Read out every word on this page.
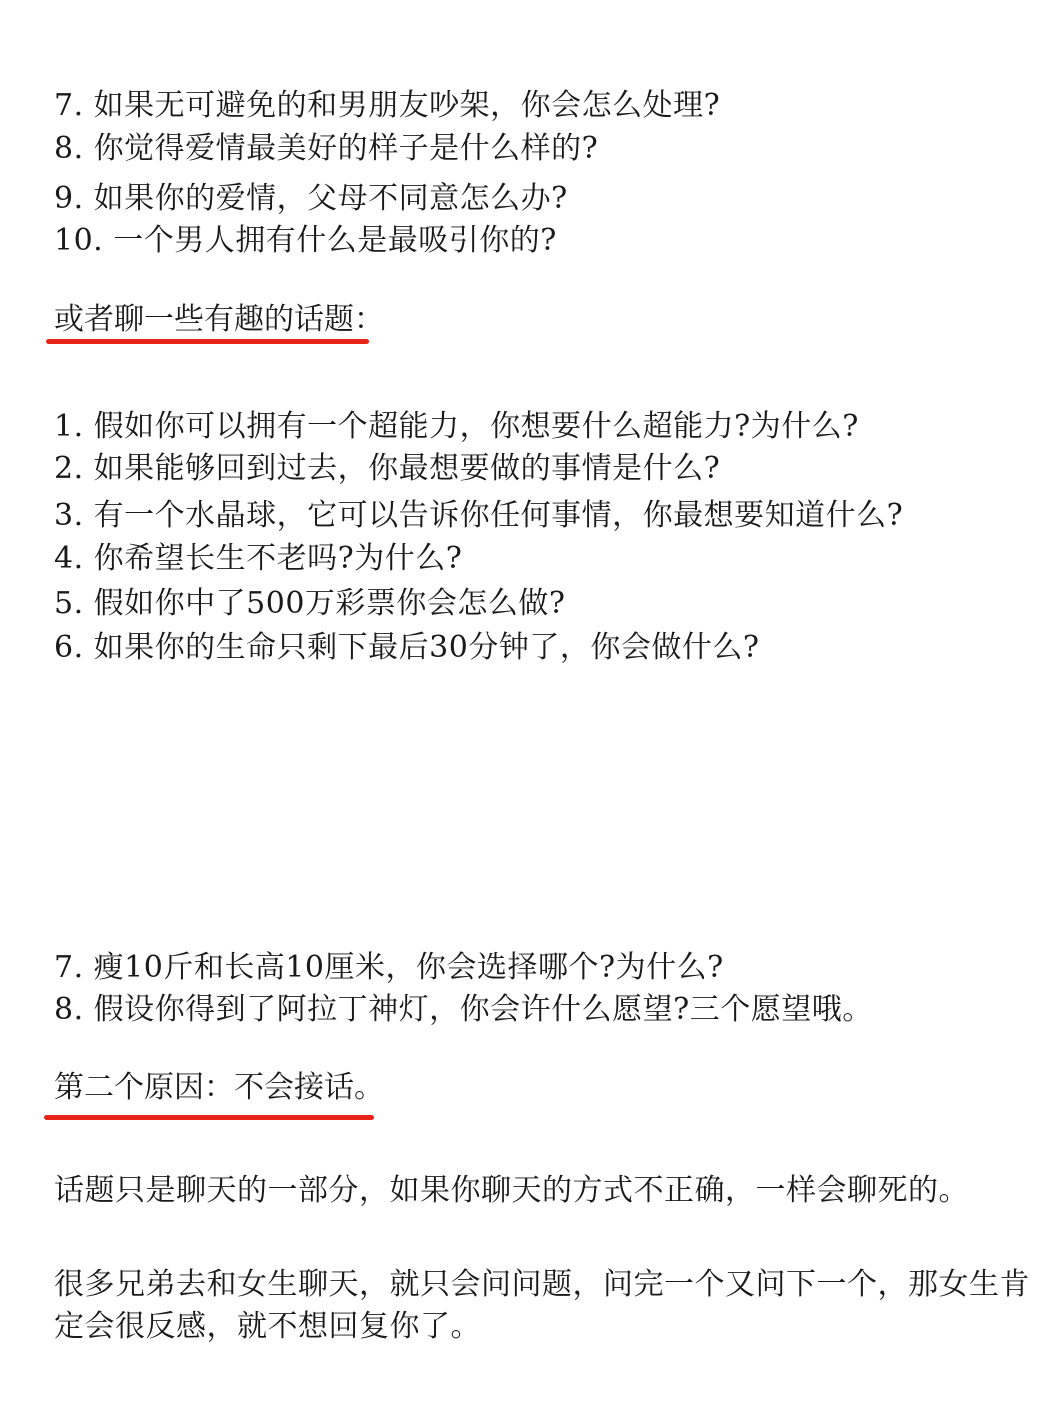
7. 如果无可避免的和男朋友吵架，你会怎么处理?
8. 你觉得爱情最美好的样子是什么样的?
9. 如果你的爱情，父母不同意怎么办?
10. 一个男人拥有什么是最吸引你的?
或者聊一些有趣的话题：
1. 假如你可以拥有一个超能力，你想要什么超能力?为什么?
2. 如果能够回到过去，你最想要做的事情是什么?
3. 有一个水晶球，它可以告诉你任何事情，你最想要知道什么?
4. 你希望长生不老吗?为什么?
5. 假如你中了500万彩票你会怎么做?
6. 如果你的生命只剩下最后30分钟了，你会做什么?
7. 瘦10斤和长高10厘米，你会选择哪个?为什么?
8. 假设你得到了阿拉丁神灯，你会许什么愿望?三个愿望哦。
第二个原因：不会接话。
话题只是聊天的一部分，如果你聊天的方式不正确，一样会聊死的。
很多兄弟去和女生聊天，就只会问问题，问完一个又问下一个，那女生肯定会很反感，就不想回复你了。
